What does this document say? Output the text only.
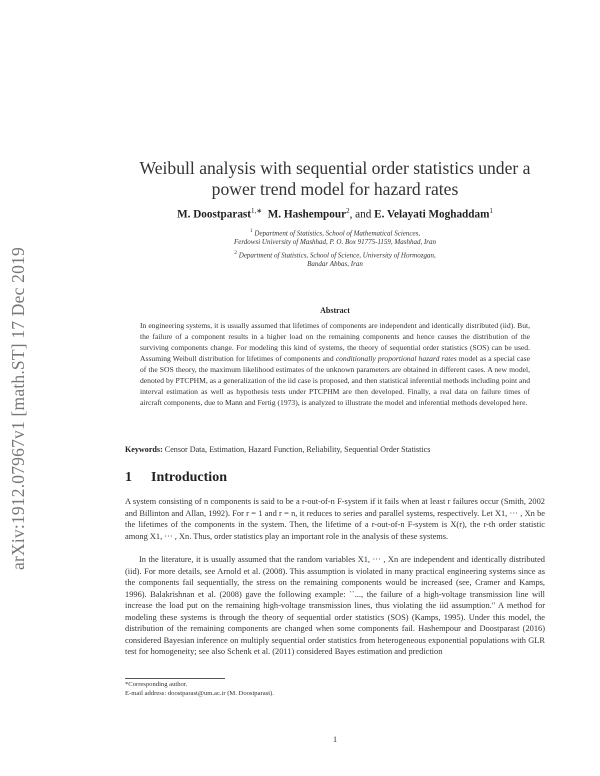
arXiv:1912.07967v1 [math.ST] 17 Dec 2019
Weibull analysis with sequential order statistics under a
power trend model for hazard rates
M. Doostparast$^{1,∗}$ M. Hashempour$^2$, and E. Velayati Moghaddam$^1$
$^1$ Department of Statistics, School of Mathematical Sciences,
Ferdowsi University of Mashhad, P. O. Box 91775-1159, Mashhad, Iran
$^2$ Department of Statistics, School of Science, University of Hormozgan,
Bandar Abbas, Iran
Abstract
In engineering systems, it is usually assumed that lifetimes of components are independent and identically distributed (iid). But, the failure of a component results in a higher load on the remaining components and hence causes the distribution of the surviving components change. For modeling this kind of systems, the theory of sequential order statistics (SOS) can be used. Assuming Weibull distribution for lifetimes of components and conditionally proportional hazard rates model as a special case of the SOS theory, the maximum likelihood estimates of the unknown parameters are obtained in different cases. A new model, denoted by PTCPHM, as a generalization of the iid case is proposed, and then statistical inferential methods including point and interval estimation as well as hypothesis tests under PTCPHM are then developed. Finally, a real data on failure times of aircraft components, due to Mann and Fertig (1973), is analyzed to illustrate the model and inferential methods developed here.
Keywords: Censor Data, Estimation, Hazard Function, Reliability, Sequential Order Statistics
1 Introduction
A system consisting of n components is said to be a r-out-of-n F-system if it fails when at least r failures occur (Smith, 2002 and Billinton and Allan, 1992). For r = 1 and r = n, it reduces to series and parallel systems, respectively. Let X1, ··· , Xn be the lifetimes of the components in the system. Then, the lifetime of a r-out-of-n F-system is X(r), the r-th order statistic among X1, ··· , Xn. Thus, order statistics play an important role in the analysis of these systems.
In the literature, it is usually assumed that the random variables X1, ··· , Xn are independent and identically distributed (iid). For more details, see Arnold et al. (2008). This assumption is violated in many practical engineering systems since as the components fail sequentially, the stress on the remaining components would be increased (see, Cramer and Kamps, 1996). Balakrishnan et al. (2008) gave the following example: ``..., the failure of a high-voltage transmission line will increase the load put on the remaining high-voltage transmission lines, thus violating the iid assumption." A method for modeling these systems is through the theory of sequential order statistics (SOS) (Kamps, 1995). Under this model, the distribution of the remaining components are changed when some components fail. Hashempour and Doostparast (2016) considered Bayesian inference on multiply sequential order statistics from heterogeneous exponential populations with GLR test for homogeneity; see also Schenk et al. (2011) considered Bayes estimation and prediction
*Corresponding author.
E-mail address: doostparast@um.ac.ir (M. Doostparast).
1
